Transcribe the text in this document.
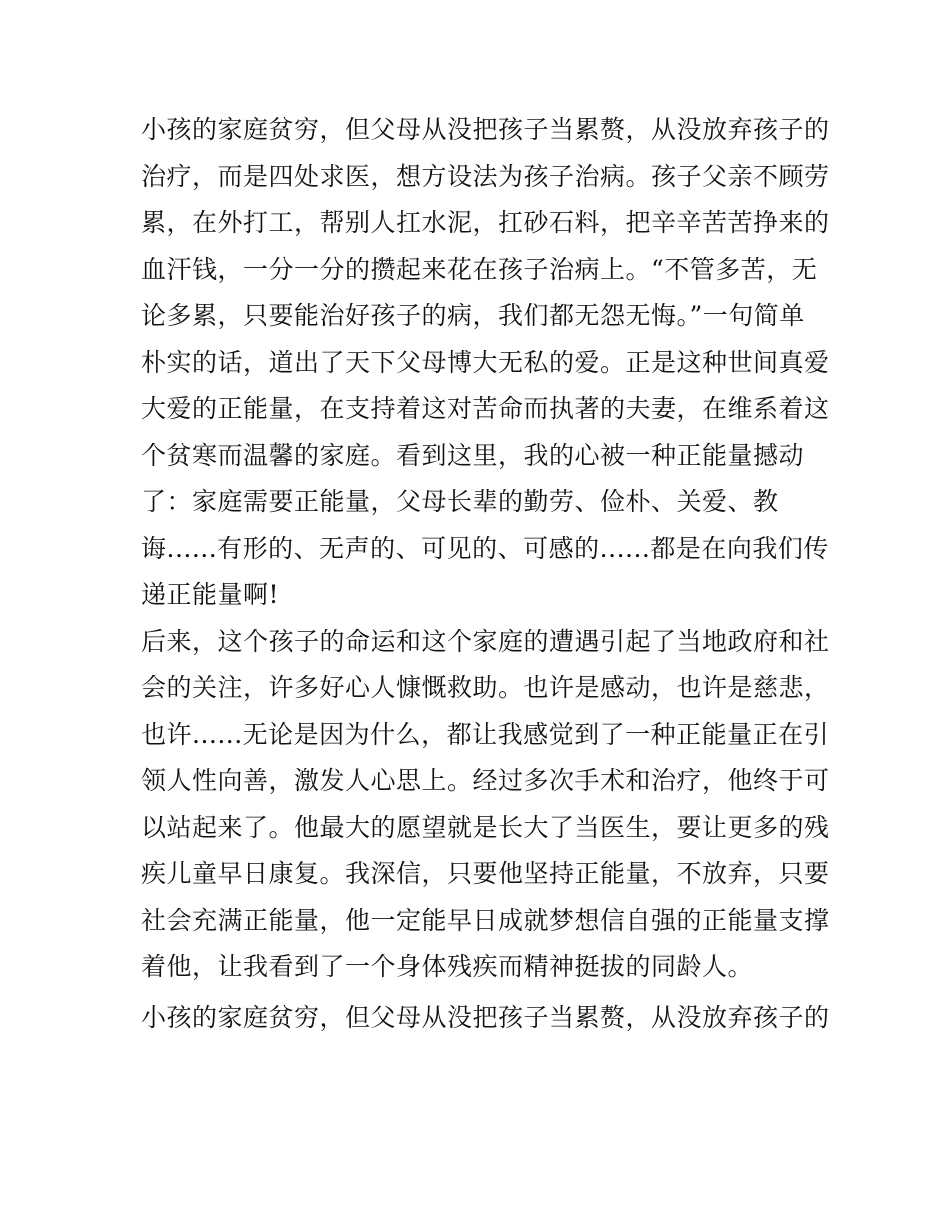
小孩的家庭贫穷，但父母从没把孩子当累赘，从没放弃孩子的
治疗，而是四处求医，想方设法为孩子治病。孩子父亲不顾劳
累，在外打工，帮别人扛水泥，扛砂石料，把辛辛苦苦挣来的
血汗钱，一分一分的攒起来花在孩子治病上。“不管多苦，无
论多累，只要能治好孩子的病，我们都无怨无悔。”一句简单
朴实的话，道出了天下父母博大无私的爱。正是这种世间真爱
大爱的正能量，在支持着这对苦命而执著的夫妻，在维系着这
个贫寒而温馨的家庭。看到这里，我的心被一种正能量撼动
了：家庭需要正能量，父母长辈的勤劳、俭朴、关爱、教
诲......有形的、无声的、可见的、可感的......都是在向我们传
递正能量啊!
后来，这个孩子的命运和这个家庭的遭遇引起了当地政府和社
会的关注，许多好心人慷慨救助。也许是感动，也许是慈悲，
也许......无论是因为什么，都让我感觉到了一种正能量正在引
领人性向善，激发人心思上。经过多次手术和治疗，他终于可
以站起来了。他最大的愿望就是长大了当医生，要让更多的残
疾儿童早日康复。我深信，只要他坚持正能量，不放弃，只要
社会充满正能量，他一定能早日成就梦想信自强的正能量支撑
着他，让我看到了一个身体残疾而精神挺拔的同龄人。
小孩的家庭贫穷，但父母从没把孩子当累赘，从没放弃孩子的
